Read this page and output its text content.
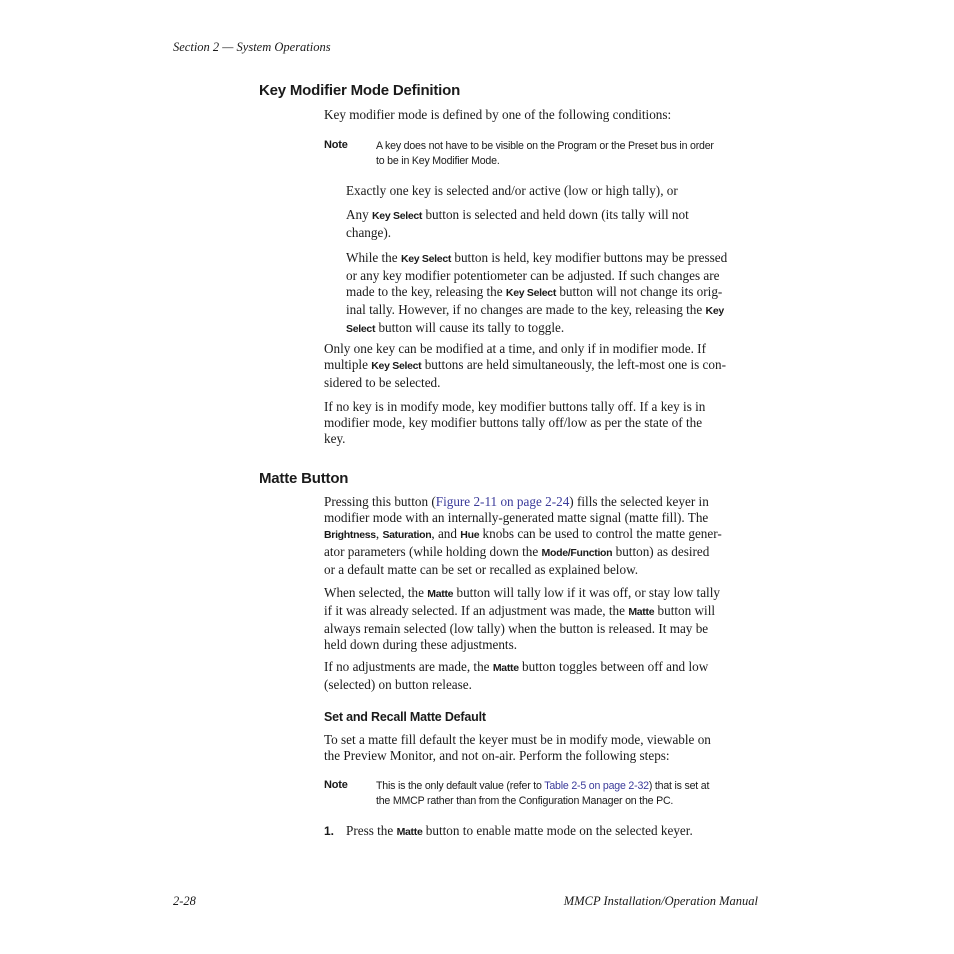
Section 2 — System Operations
Key Modifier Mode Definition

Key modifier mode is defined by one of the following conditions:

Note	A key does not have to be visible on the Program or the Preset bus in order
to be in Key Modifier Mode.

Exactly one key is selected and/or active (low or high tally), or

Any Key Select button is selected and held down (its tally will not
change).

While the Key Select button is held, key modifier buttons may be pressed
or any key modifier potentiometer can be adjusted. If such changes are
made to the key, releasing the Key Select button will not change its orig-
inal tally. However, if no changes are made to the key, releasing the Key
Select button will cause its tally to toggle.

Only one key can be modified at a time, and only if in modifier mode. If
multiple Key Select buttons are held simultaneously, the left-most one is con-
sidered to be selected.

If no key is in modify mode, key modifier buttons tally off. If a key is in
modifier mode, key modifier buttons tally off/low as per the state of the
key.

Matte Button

Pressing this button (Figure 2-11 on page 2-24) fills the selected keyer in
modifier mode with an internally-generated matte signal (matte fill). The
Brightness, Saturation, and Hue knobs can be used to control the matte gener-
ator parameters (while holding down the Mode/Function button) as desired
or a default matte can be set or recalled as explained below.

When selected, the Matte button will tally low if it was off, or stay low tally
if it was already selected. If an adjustment was made, the Matte button will
always remain selected (low tally) when the button is released. It may be
held down during these adjustments.

If no adjustments are made, the Matte button toggles between off and low
(selected) on button release.

Set and Recall Matte Default

To set a matte fill default the keyer must be in modify mode, viewable on
the Preview Monitor, and not on-air. Perform the following steps:

Note	This is the only default value (refer to Table 2-5 on page 2-32) that is set at
the MMCP rather than from the Configuration Manager on the PC.

1. Press the Matte button to enable matte mode on the selected keyer.

2-28	MMCP Installation/Operation Manual
